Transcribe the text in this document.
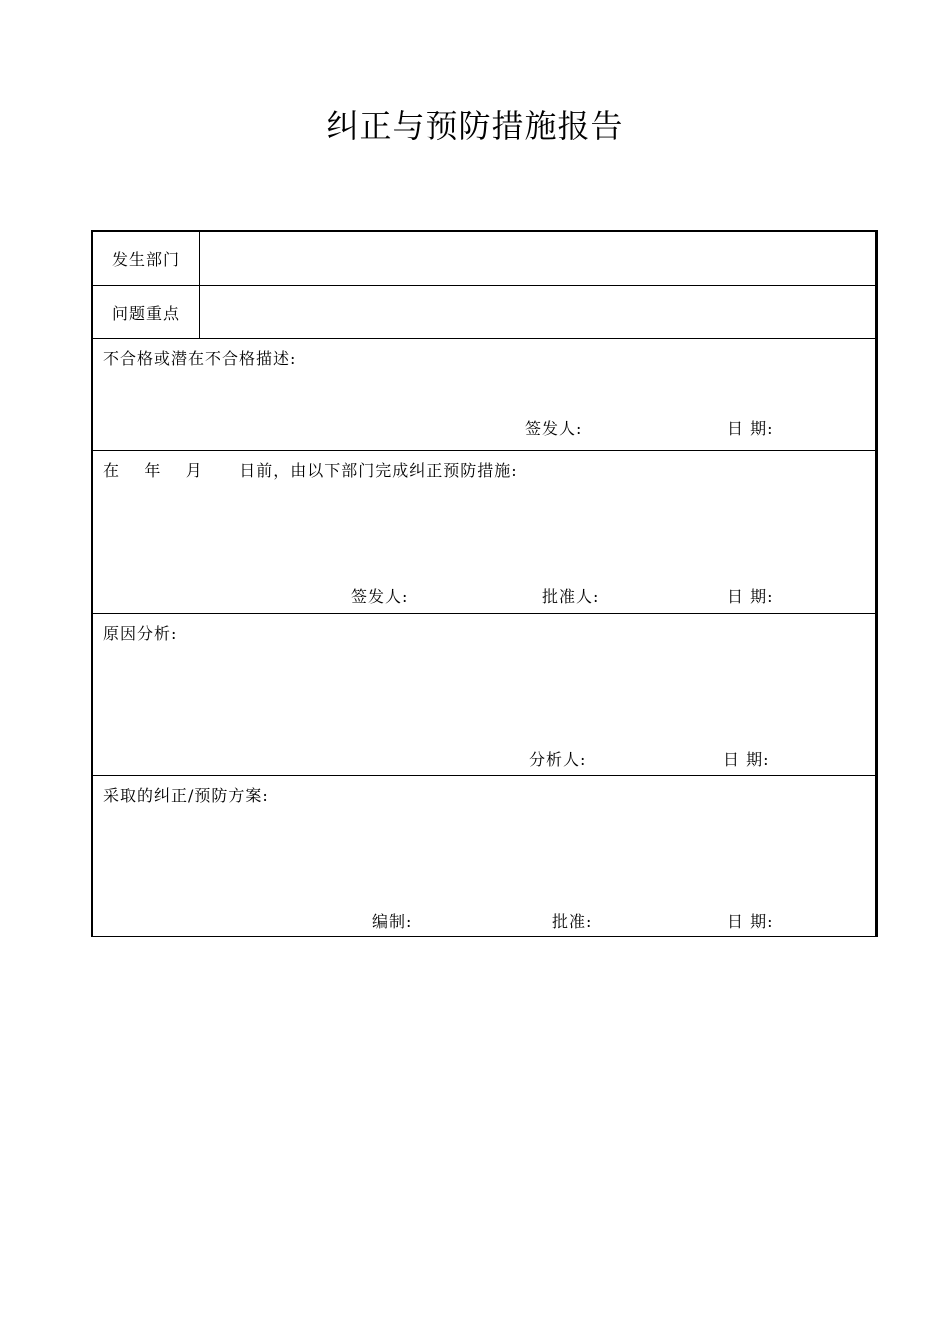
纠正与预防措施报告
发生部门
问题重点
不合格或潜在不合格描述:
签发人:	日 期:
在    年    月      日前，由以下部门完成纠正预防措施:
签发人:	批准人:	日 期:
原因分析:
分析人:	日 期:
采取的纠正/预防方案:
编制:	批准:	日 期:
